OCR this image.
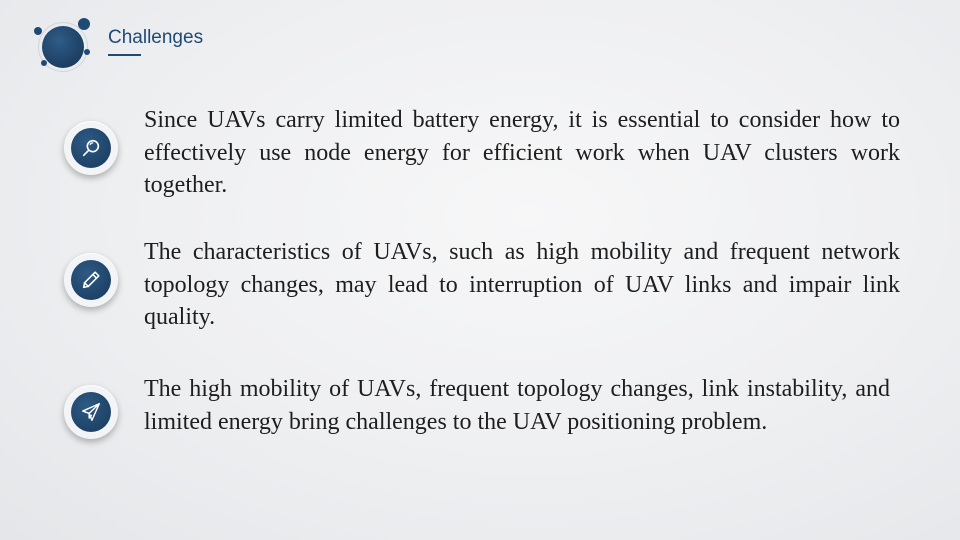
Challenges

Since UAVs carry limited battery energy, it is essential to consider how to effectively use node energy for efficient work when UAV clusters work together.

The characteristics of UAVs, such as high mobility and frequent network topology changes, may lead to interruption of UAV links and impair link quality.

The high mobility of UAVs, frequent topology changes, link instability, and limited energy bring challenges to the UAV positioning problem.
